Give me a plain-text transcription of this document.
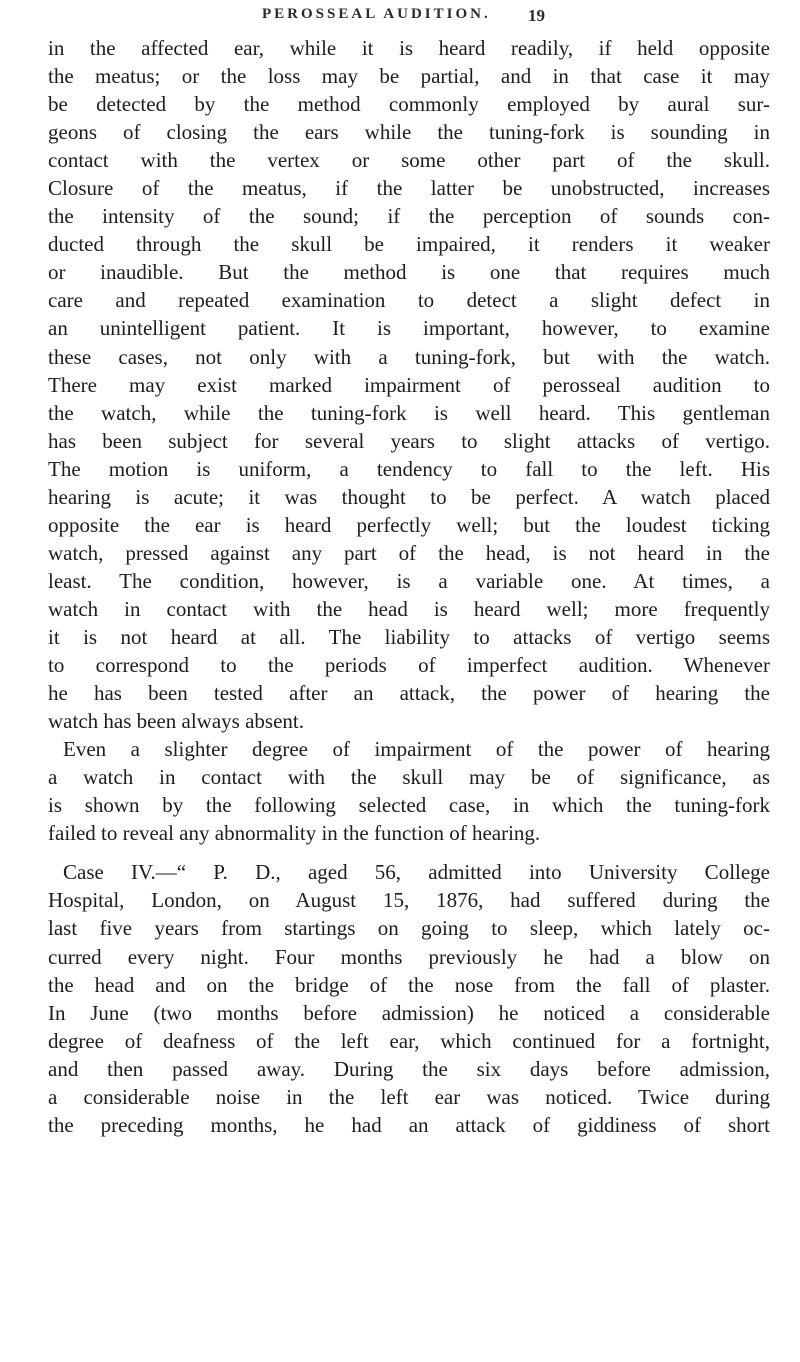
PEROSSEAL AUDITION. 19
in the affected ear, while it is heard readily, if held opposite
the meatus; or the loss may be partial, and in that case it may
be detected by the method commonly employed by aural sur-
geons of closing the ears while the tuning-fork is sounding in
contact with the vertex or some other part of the skull.
Closure of the meatus, if the latter be unobstructed, increases
the intensity of the sound; if the perception of sounds con-
ducted through the skull be impaired, it renders it weaker
or inaudible. But the method is one that requires much
care and repeated examination to detect a slight defect in
an unintelligent patient. It is important, however, to examine
these cases, not only with a tuning-fork, but with the watch.
There may exist marked impairment of perosseal audition to
the watch, while the tuning-fork is well heard. This gentleman
has been subject for several years to slight attacks of vertigo.
The motion is uniform, a tendency to fall to the left. His
hearing is acute; it was thought to be perfect. A watch placed
opposite the ear is heard perfectly well; but the loudest ticking
watch, pressed against any part of the head, is not heard in the
least. The condition, however, is a variable one. At times, a
watch in contact with the head is heard well; more frequently
it is not heard at all. The liability to attacks of vertigo seems
to correspond to the periods of imperfect audition. Whenever
he has been tested after an attack, the power of hearing the
watch has been always absent.
Even a slighter degree of impairment of the power of hearing
a watch in contact with the skull may be of significance, as
is shown by the following selected case, in which the tuning-fork
failed to reveal any abnormality in the function of hearing.
Case IV.—“ P. D., aged 56, admitted into University College
Hospital, London, on August 15, 1876, had suffered during the
last five years from startings on going to sleep, which lately oc-
curred every night. Four months previously he had a blow on
the head and on the bridge of the nose from the fall of plaster.
In June (two months before admission) he noticed a considerable
degree of deafness of the left ear, which continued for a fortnight,
and then passed away. During the six days before admission,
a considerable noise in the left ear was noticed. Twice during
the preceding months, he had an attack of giddiness of short
